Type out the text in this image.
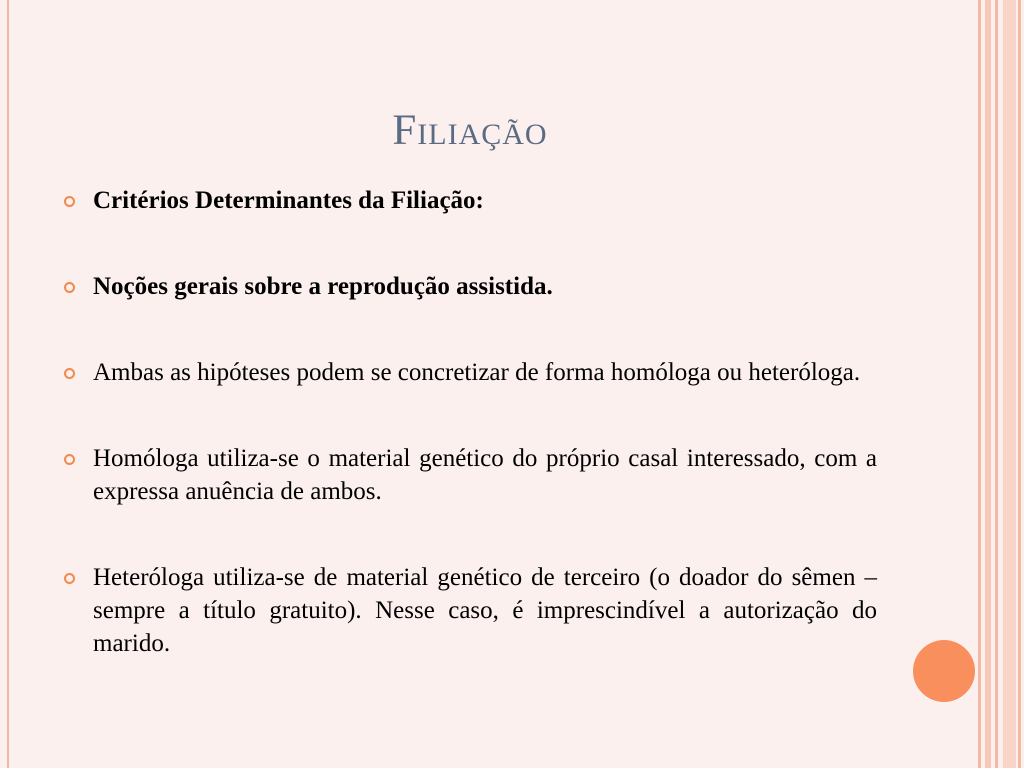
Filiação
Critérios Determinantes da Filiação:
Noções gerais sobre a reprodução assistida.
Ambas as hipóteses podem se concretizar de forma homóloga ou heteróloga.
Homóloga utiliza-se o material genético do próprio casal interessado, com a expressa anuência de ambos.
Heteróloga utiliza-se de material genético de terceiro (o doador do sêmen – sempre a título gratuito). Nesse caso, é imprescindível a autorização do marido.
